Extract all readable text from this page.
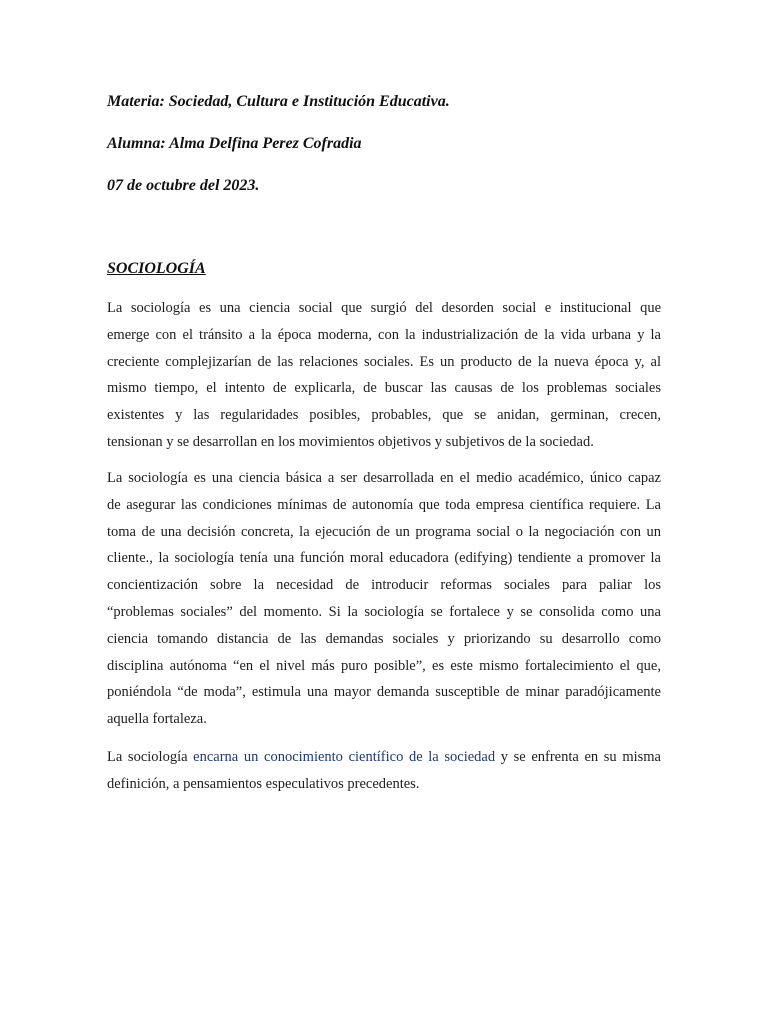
Materia: Sociedad, Cultura e Institución Educativa.
Alumna: Alma Delfina Perez Cofradia
07 de octubre del 2023.
SOCIOLOGÍA
La sociología es una ciencia social que surgió del desorden social e institucional que
emerge con el tránsito a la época moderna, con la industrialización de la vida urbana y la
creciente complejizarían de las relaciones sociales. Es un producto de la nueva época y, al
mismo tiempo, el intento de explicarla, de buscar las causas de los problemas sociales
existentes y las regularidades posibles, probables, que se anidan, germinan, crecen,
tensionan y se desarrollan en los movimientos objetivos y subjetivos de la sociedad.
La sociología es una ciencia básica a ser desarrollada en el medio académico, único capaz
de asegurar las condiciones mínimas de autonomía que toda empresa científica requiere. La
toma de una decisión concreta, la ejecución de un programa social o la negociación con un
cliente., la sociología tenía una función moral educadora (edifying) tendiente a promover la
concientización sobre la necesidad de introducir reformas sociales para paliar los
“problemas sociales” del momento. Si la sociología se fortalece y se consolida como una
ciencia tomando distancia de las demandas sociales y priorizando su desarrollo como
disciplina autónoma “en el nivel más puro posible”, es este mismo fortalecimiento el que,
poniéndola “de moda”, estimula una mayor demanda susceptible de minar paradójicamente
aquella fortaleza.
La sociología encarna un conocimiento científico de la sociedad y se enfrenta en su misma
definición, a pensamientos especulativos precedentes.
